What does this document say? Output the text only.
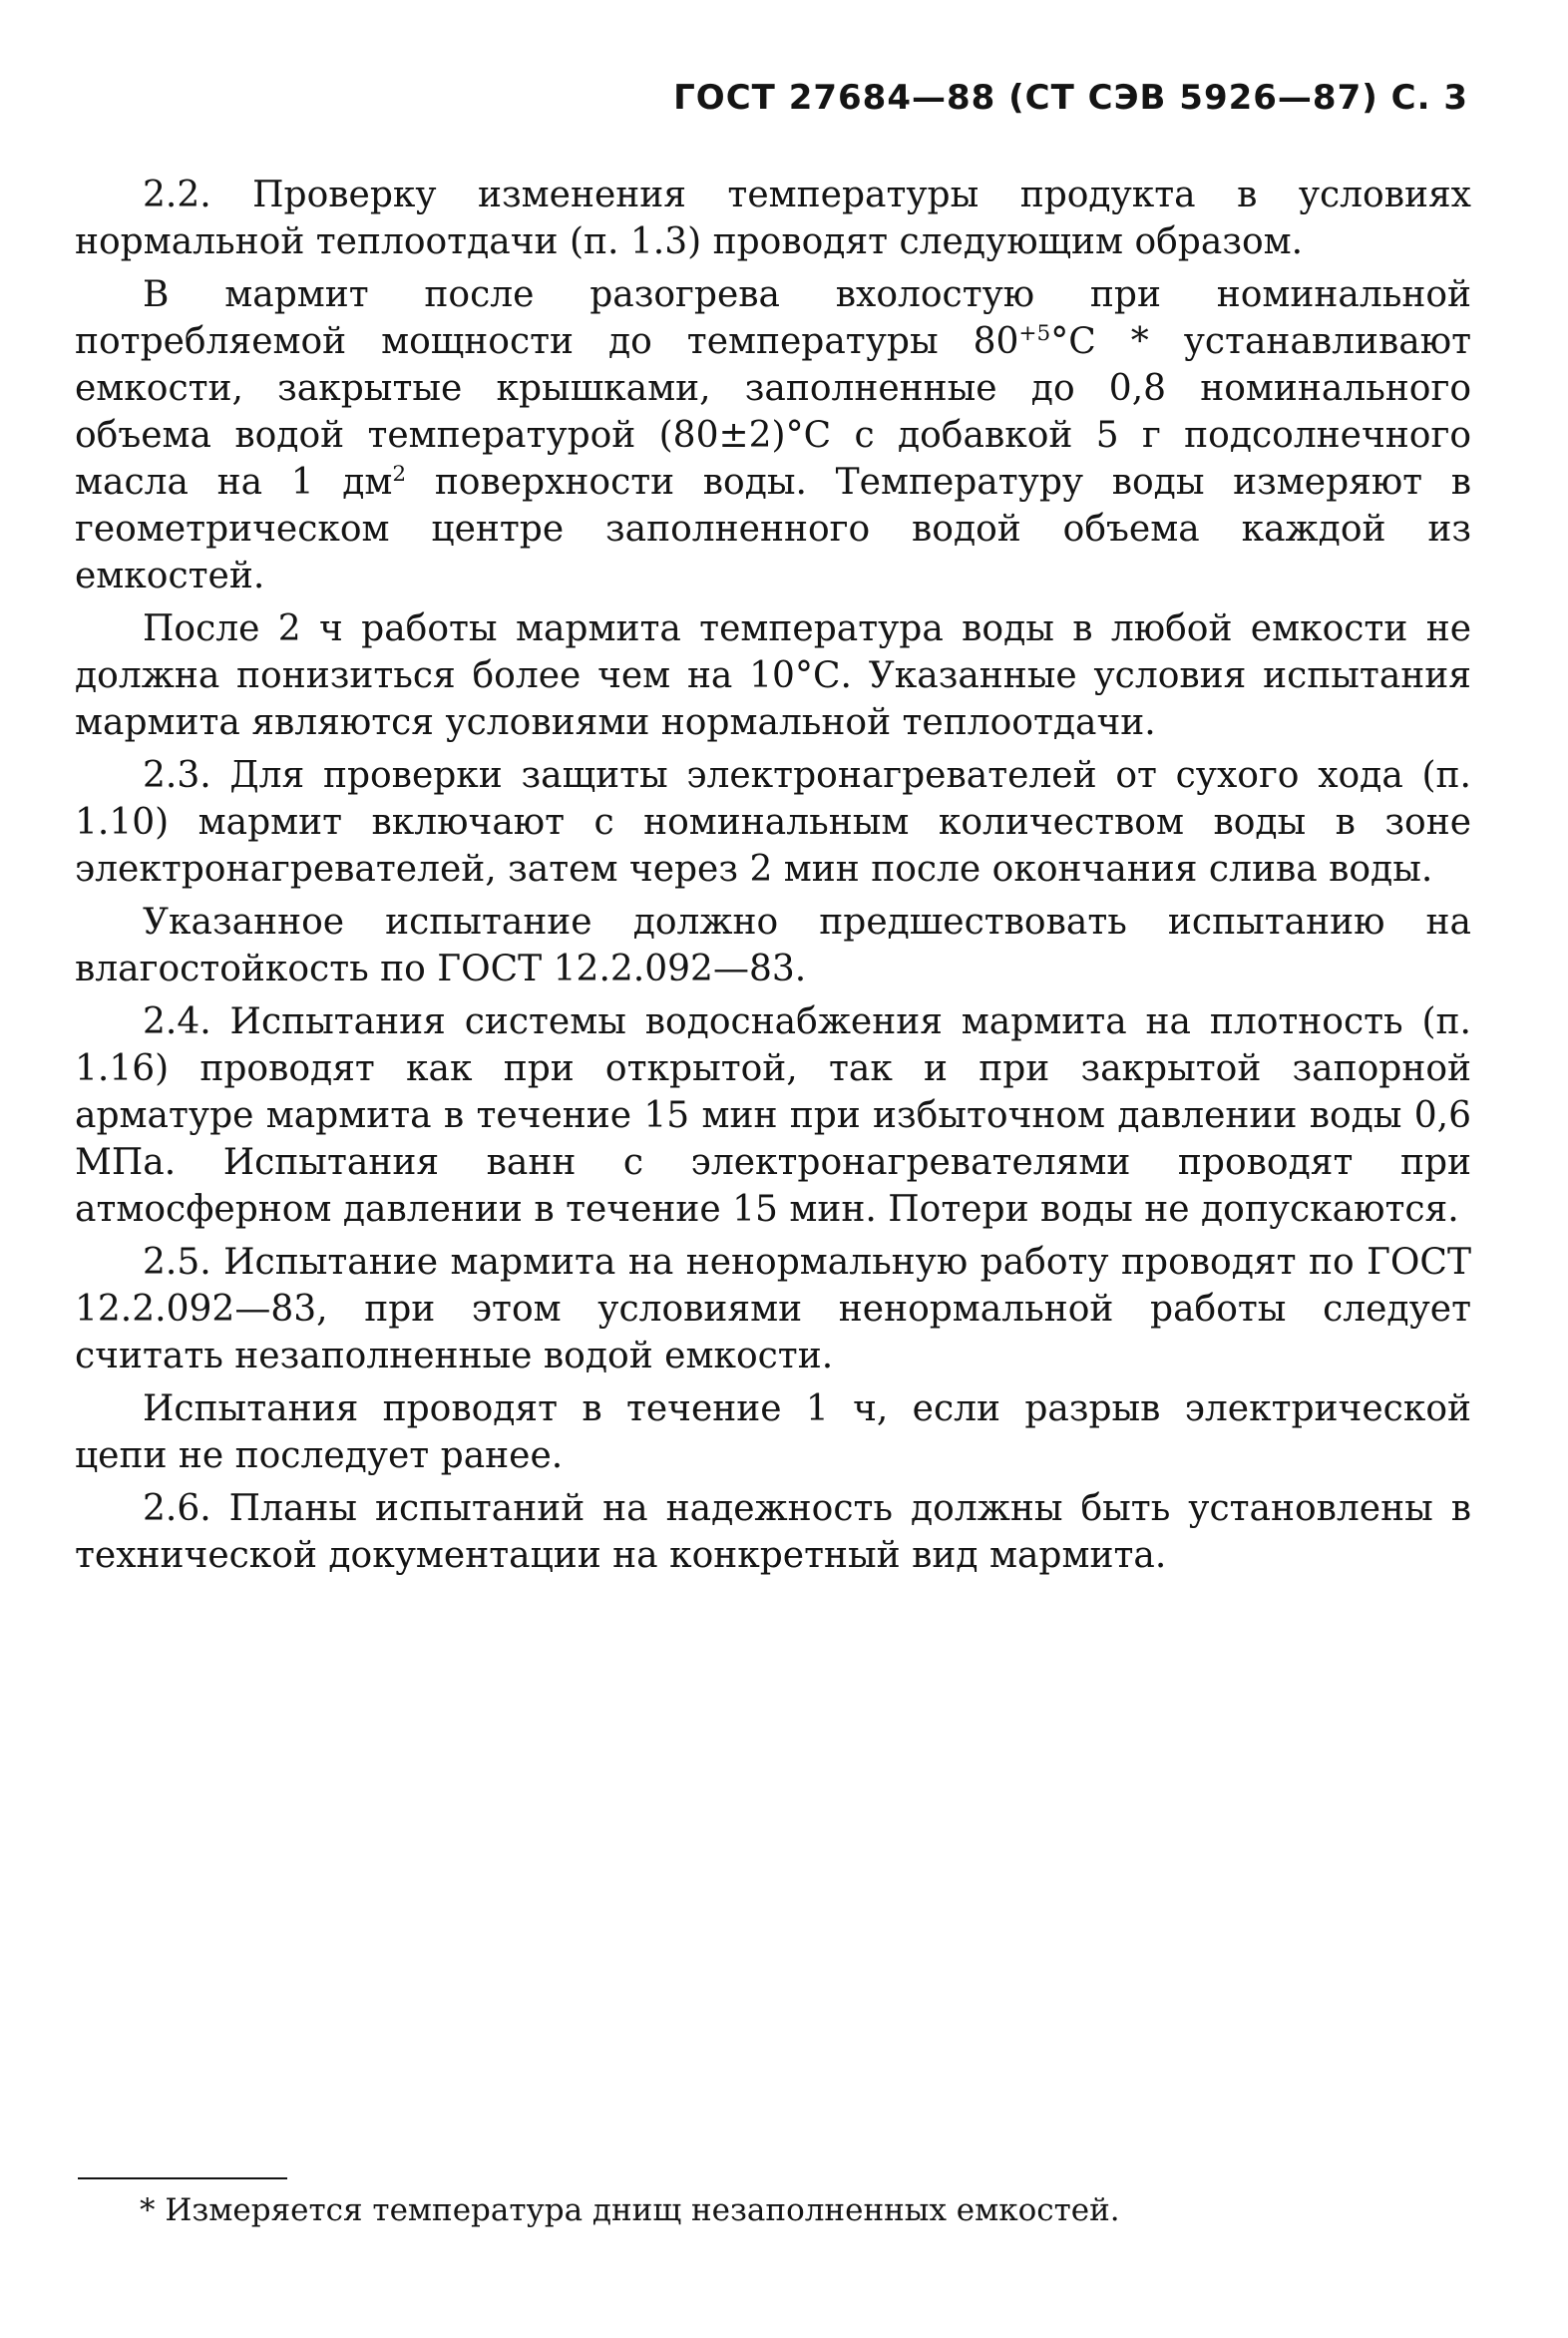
ГОСТ 27684—88 (СТ СЭВ 5926—87) С. 3

2.2. Проверку изменения температуры продукта в условиях нормальной теплоотдачи (п. 1.3) проводят следующим образом.

В мармит после разогрева вхолостую при номинальной потребляемой мощности до температуры $80^{+5}^\circ С$ * устанавливают емкости, закрытые крышками, заполненные до 0,8 номинального объема водой температурой (80±2)°С с добавкой 5 г подсолнечного масла на 1 $дм^2$ поверхности воды. Температуру воды измеряют в геометрическом центре заполненного водой объема каждой из емкостей.

После 2 ч работы мармита температура воды в любой емкости не должна понизиться более чем на 10°С. Указанные условия испытания мармита являются условиями нормальной теплоотдачи.

2.3. Для проверки защиты электронагревателей от сухого хода (п. 1.10) мармит включают с номинальным количеством воды в зоне электронагревателей, затем через 2 мин после окончания слива воды.

Указанное испытание должно предшествовать испытанию на влагостойкость по ГОСТ 12.2.092—83.

2.4. Испытания системы водоснабжения мармита на плотность (п. 1.16) проводят как при открытой, так и при закрытой запорной арматуре мармита в течение 15 мин при избыточном давлении воды 0,6 МПа. Испытания ванн с электронагревателями проводят при атмосферном давлении в течение 15 мин. Потери воды не допускаются.

2.5. Испытание мармита на ненормальную работу проводят по ГОСТ 12.2.092—83, при этом условиями ненормальной работы следует считать незаполненные водой емкости.

Испытания проводят в течение 1 ч, если разрыв электрической цепи не последует ранее.

2.6. Планы испытаний на надежность должны быть установлены в технической документации на конкретный вид мармита.

* Измеряется температура днищ незаполненных емкостей.
